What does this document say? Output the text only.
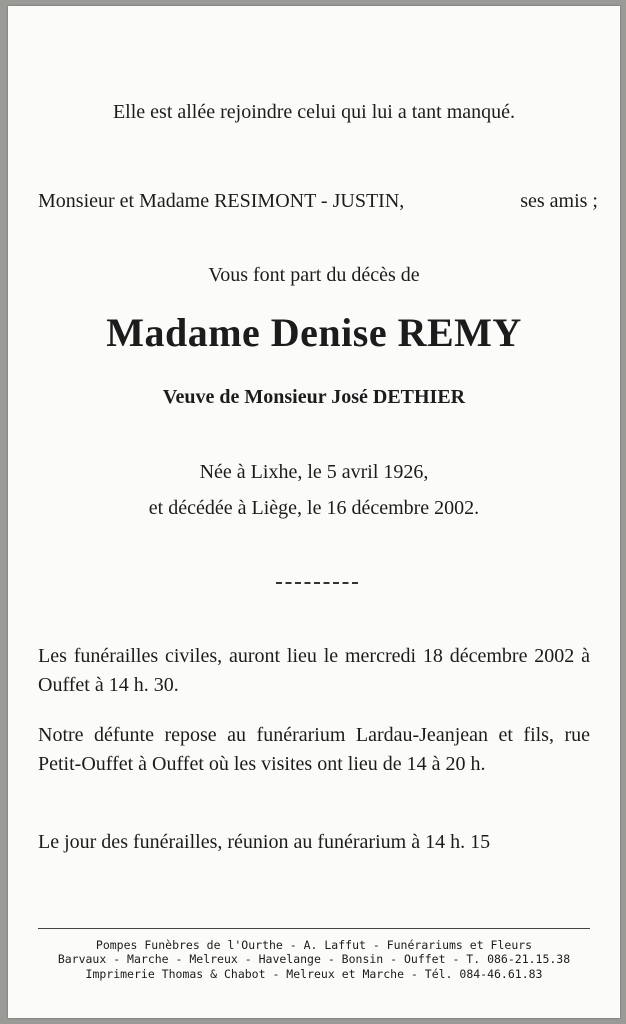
Elle est allée rejoindre celui qui lui a tant manqué.
Monsieur et Madame RESIMONT - JUSTIN,	ses amis ;
Vous font part du décès de
Madame Denise REMY
Veuve de Monsieur José DETHIER
Née à Lixhe, le 5 avril 1926,
et décédée à Liège, le 16 décembre 2002.
Les funérailles civiles, auront lieu le mercredi 18 décembre 2002 à Ouffet à 14 h. 30.
Notre défunte repose au funérarium Lardau-Jeanjean et fils, rue Petit-Ouffet à Ouffet où les visites ont lieu de 14 à 20 h.
Le jour des funérailles, réunion au funérarium à 14 h. 15
Pompes Funèbres de l'Ourthe - A. Laffut - Funérariums et Fleurs
Barvaux - Marche - Melreux - Havelange - Bonsin - Ouffet - T. 086-21.15.38
Imprimerie Thomas & Chabot - Melreux et Marche - Tél. 084-46.61.83
